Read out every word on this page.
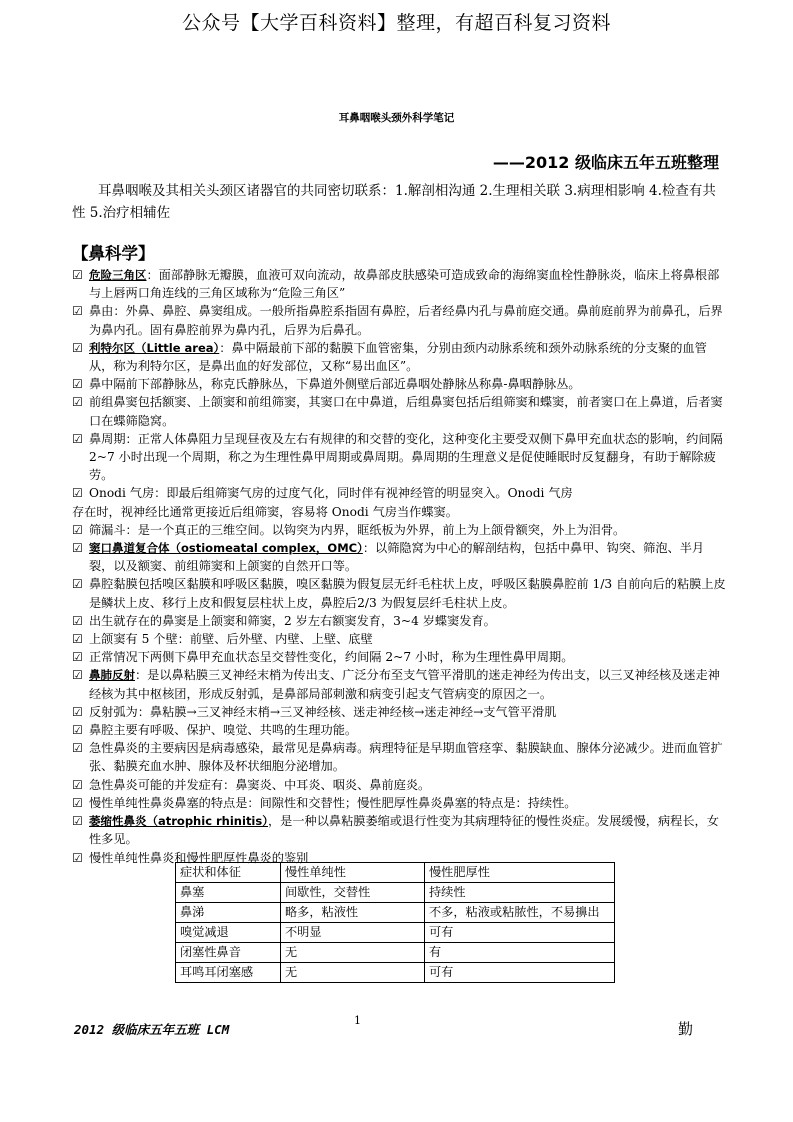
公众号【大学百科资料】整理，有超百科复习资料
耳鼻咽喉头颈外科学笔记
——2012 级临床五年五班整理
耳鼻咽喉及其相关头颈区诸器官的共同密切联系：1.解剖相沟通 2.生理相关联 3.病理相影响 4.检查有共性 5.治疗相辅佐
【鼻科学】
☑ 危险三角区：面部静脉无瓣膜，血液可双向流动，故鼻部皮肤感染可造成致命的海绵窦血栓性静脉炎，临床上将鼻根部与上唇两口角连线的三角区域称为“危险三角区”
☑ 鼻由：外鼻、鼻腔、鼻窦组成。一般所指鼻腔系指固有鼻腔，后者经鼻内孔与鼻前庭交通。鼻前庭前界为前鼻孔，后界为鼻内孔。固有鼻腔前界为鼻内孔，后界为后鼻孔。
☑ 利特尔区（Little area）：鼻中隔最前下部的黏膜下血管密集，分别由颈内动脉系统和颈外动脉系统的分支聚的血管从，称为利特尔区，是鼻出血的好发部位，又称“易出血区”。
☑ 鼻中隔前下部静脉丛，称克氏静脉丛，下鼻道外侧壁后部近鼻咽处静脉丛称鼻-鼻咽静脉丛。
☑ 前组鼻窦包括额窦、上颌窦和前组筛窦，其窦口在中鼻道，后组鼻窦包括后组筛窦和蝶窦，前者窦口在上鼻道，后者窦口在蝶筛隐窝。
☑ 鼻周期：正常人体鼻阻力呈现昼夜及左右有规律的和交替的变化，这种变化主要受双侧下鼻甲充血状态的影响，约间隔2~7 小时出现一个周期，称之为生理性鼻甲周期或鼻周期。鼻周期的生理意义是促使睡眠时反复翻身，有助于解除疲劳。
☑ Onodi 气房：即最后组筛窦气房的过度气化，同时伴有视神经管的明显突入。Onodi 气房
存在时，视神经比通常更接近后组筛窦，容易将 Onodi 气房当作蝶窦。
☑ 筛漏斗：是一个真正的三维空间。以钩突为内界，眶纸板为外界，前上为上颌骨额突，外上为泪骨。
☑ 窦口鼻道复合体（ostiomeatal complex，OMC）：以筛隐窝为中心的解剖结构，包括中鼻甲、钩突、筛泡、半月裂，以及额窦、前组筛窦和上颌窦的自然开口等。
☑ 鼻腔黏膜包括嗅区黏膜和呼吸区黏膜，嗅区黏膜为假复层无纤毛柱状上皮，呼吸区黏膜鼻腔前 1/3 自前向后的粘膜上皮是鳞状上皮、移行上皮和假复层柱状上皮，鼻腔后2/3 为假复层纤毛柱状上皮。
☑ 出生就存在的鼻窦是上颌窦和筛窦，2 岁左右额窦发育，3~4 岁蝶窦发育。
☑ 上颌窦有 5 个壁：前壁、后外壁、内壁、上壁、底壁
☑ 正常情况下两侧下鼻甲充血状态呈交替性变化，约间隔 2~7 小时，称为生理性鼻甲周期。
☑ 鼻肺反射：是以鼻粘膜三叉神经末梢为传出支、广泛分布至支气管平滑肌的迷走神经为传出支，以三叉神经核及迷走神经核为其中枢核团，形成反射弧，是鼻部局部刺激和病变引起支气管病变的原因之一。
☑ 反射弧为：鼻粘膜→三叉神经末梢→三叉神经核、迷走神经核→迷走神经→支气管平滑肌
☑ 鼻腔主要有呼吸、保护、嗅觉、共鸣的生理功能。
☑ 急性鼻炎的主要病因是病毒感染，最常见是鼻病毒。病理特征是早期血管痉挛、黏膜缺血、腺体分泌减少。进而血管扩张、黏膜充血水肿、腺体及杯状细胞分泌增加。
☑ 急性鼻炎可能的并发症有：鼻窦炎、中耳炎、咽炎、鼻前庭炎。
☑ 慢性单纯性鼻炎鼻塞的特点是：间隙性和交替性；慢性肥厚性鼻炎鼻塞的特点是：持续性。
☑ 萎缩性鼻炎（atrophic rhinitis），是一种以鼻粘膜萎缩或退行性变为其病理特征的慢性炎症。发展缓慢，病程长，女性多见。
☑ 慢性单纯性鼻炎和慢性肥厚性鼻炎的鉴别
症状和体征	慢性单纯性	慢性肥厚性
鼻塞	间歇性，交替性	持续性
鼻涕	略多，粘液性	不多，粘液或粘脓性，不易擤出
嗅觉减退	不明显	可有
闭塞性鼻音	无	有
耳鸣耳闭塞感	无	可有
2012 级临床五年五班 LCM
1	勤
